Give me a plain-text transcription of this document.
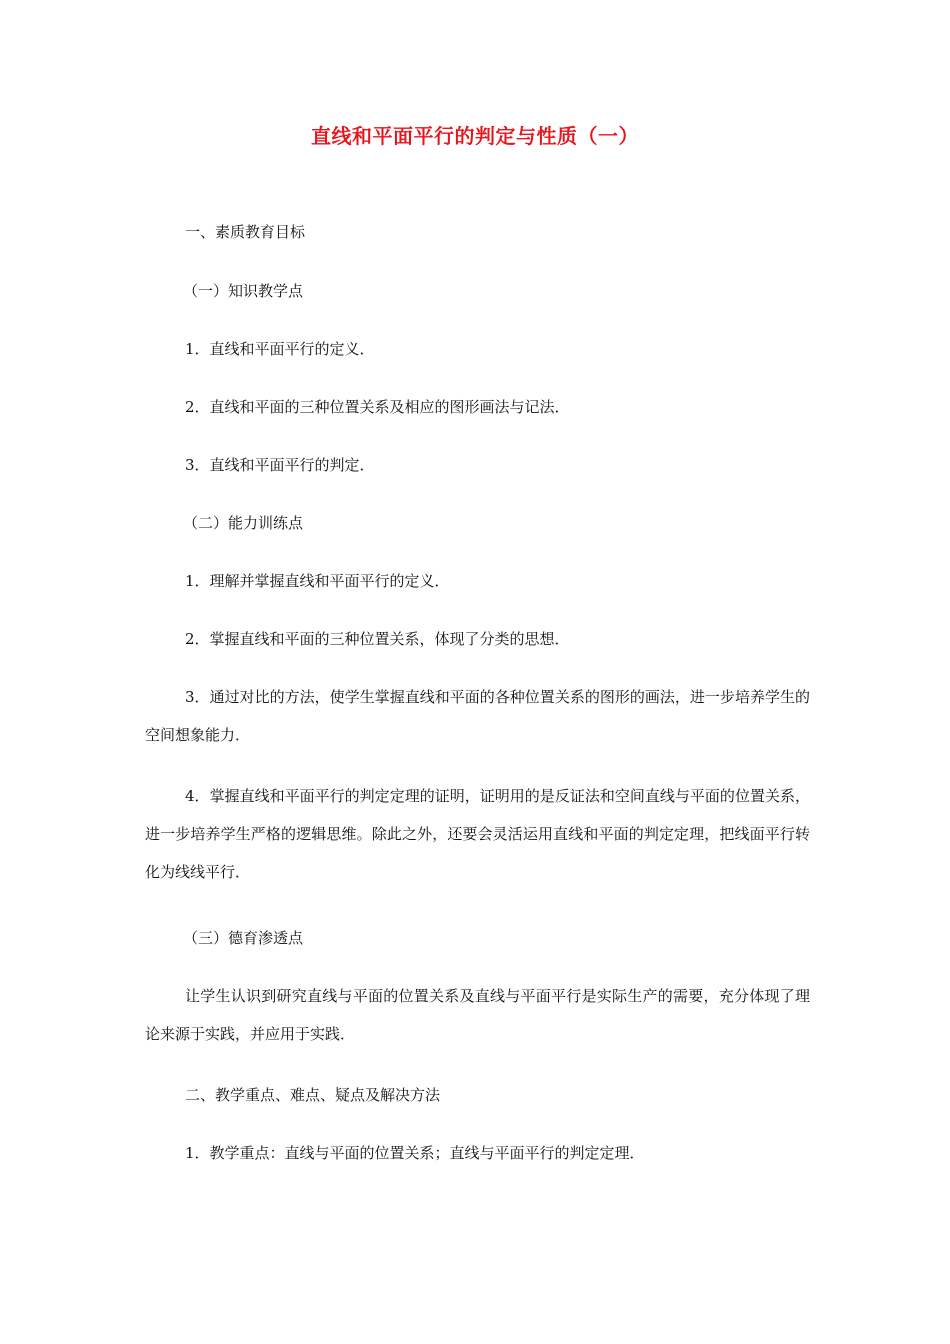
直线和平面平行的判定与性质（一）
一、素质教育目标
（一）知识教学点
1．直线和平面平行的定义．
2．直线和平面的三种位置关系及相应的图形画法与记法．
3．直线和平面平行的判定．
（二）能力训练点
1．理解并掌握直线和平面平行的定义．
2．掌握直线和平面的三种位置关系，体现了分类的思想．
3．通过对比的方法，使学生掌握直线和平面的各种位置关系的图形的画法，进一步培养学生的空间想象能力．
4．掌握直线和平面平行的判定定理的证明，证明用的是反证法和空间直线与平面的位置关系，进一步培养学生严格的逻辑思维。除此之外，还要会灵活运用直线和平面的判定定理，把线面平行转化为线线平行．
（三）德育渗透点
让学生认识到研究直线与平面的位置关系及直线与平面平行是实际生产的需要，充分体现了理论来源于实践，并应用于实践．
二、教学重点、难点、疑点及解决方法
1．教学重点：直线与平面的位置关系；直线与平面平行的判定定理．
